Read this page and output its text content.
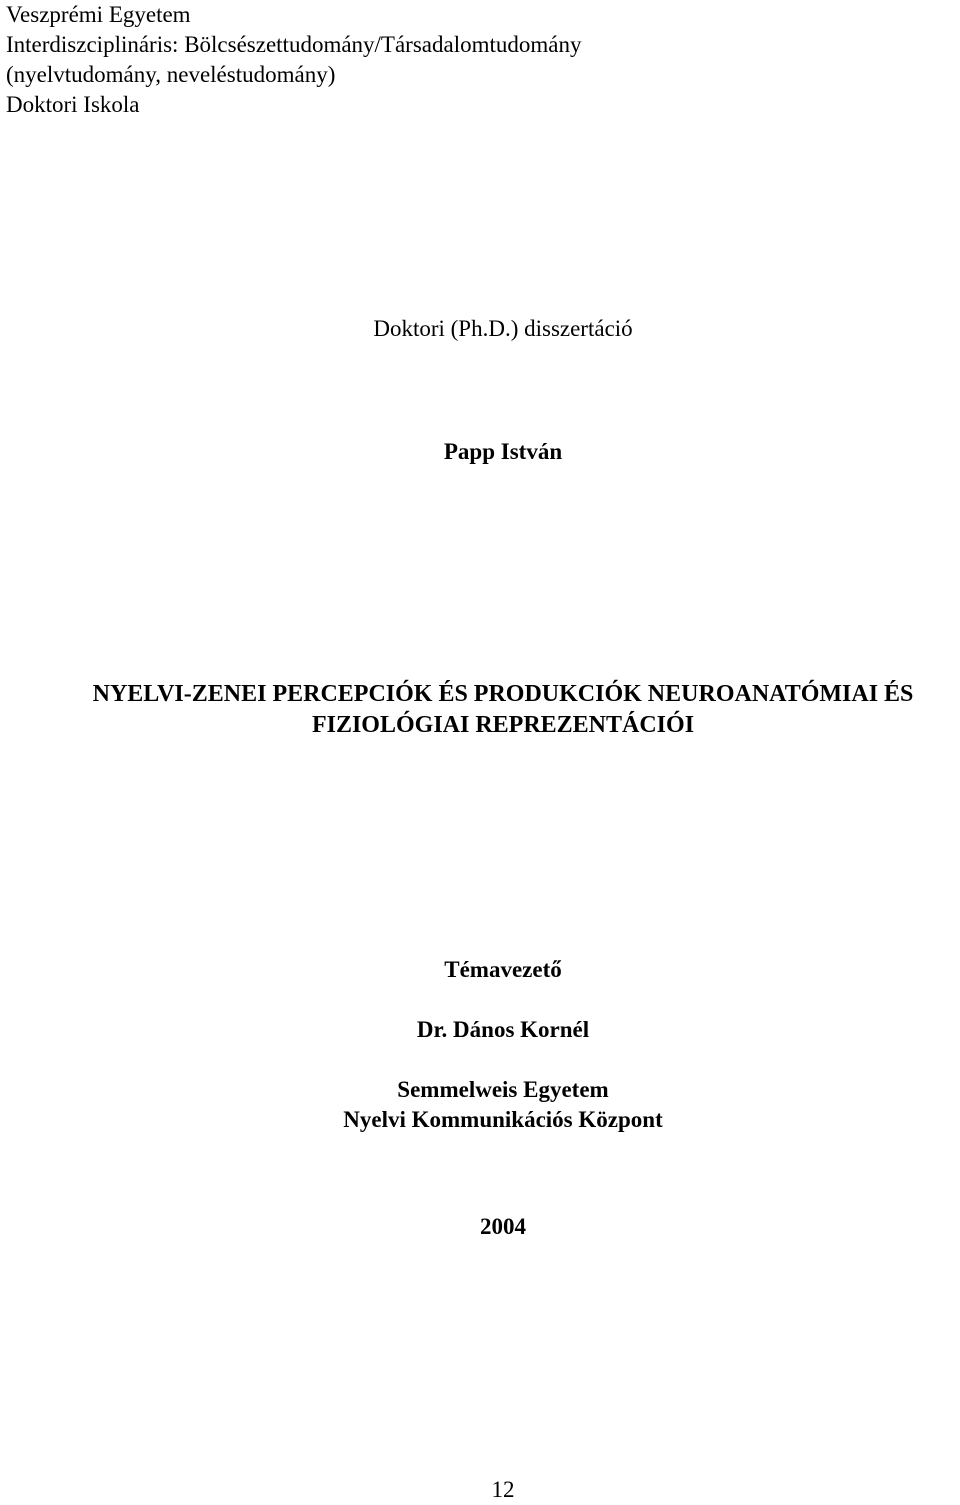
Veszprémi Egyetem
Interdiszciplináris: Bölcsészettudomány/Társadalomtudomány
(nyelvtudomány, neveléstudomány)
Doktori Iskola
Doktori (Ph.D.) disszertáció
Papp István
NYELVI-ZENEI PERCEPCIÓK ÉS PRODUKCIÓK NEUROANATÓMIAI ÉS
FIZIOLÓGIAI REPREZENTÁCIÓI
Témavezető
Dr. Dános Kornél
Semmelweis Egyetem
Nyelvi Kommunikációs Központ
2004
12
